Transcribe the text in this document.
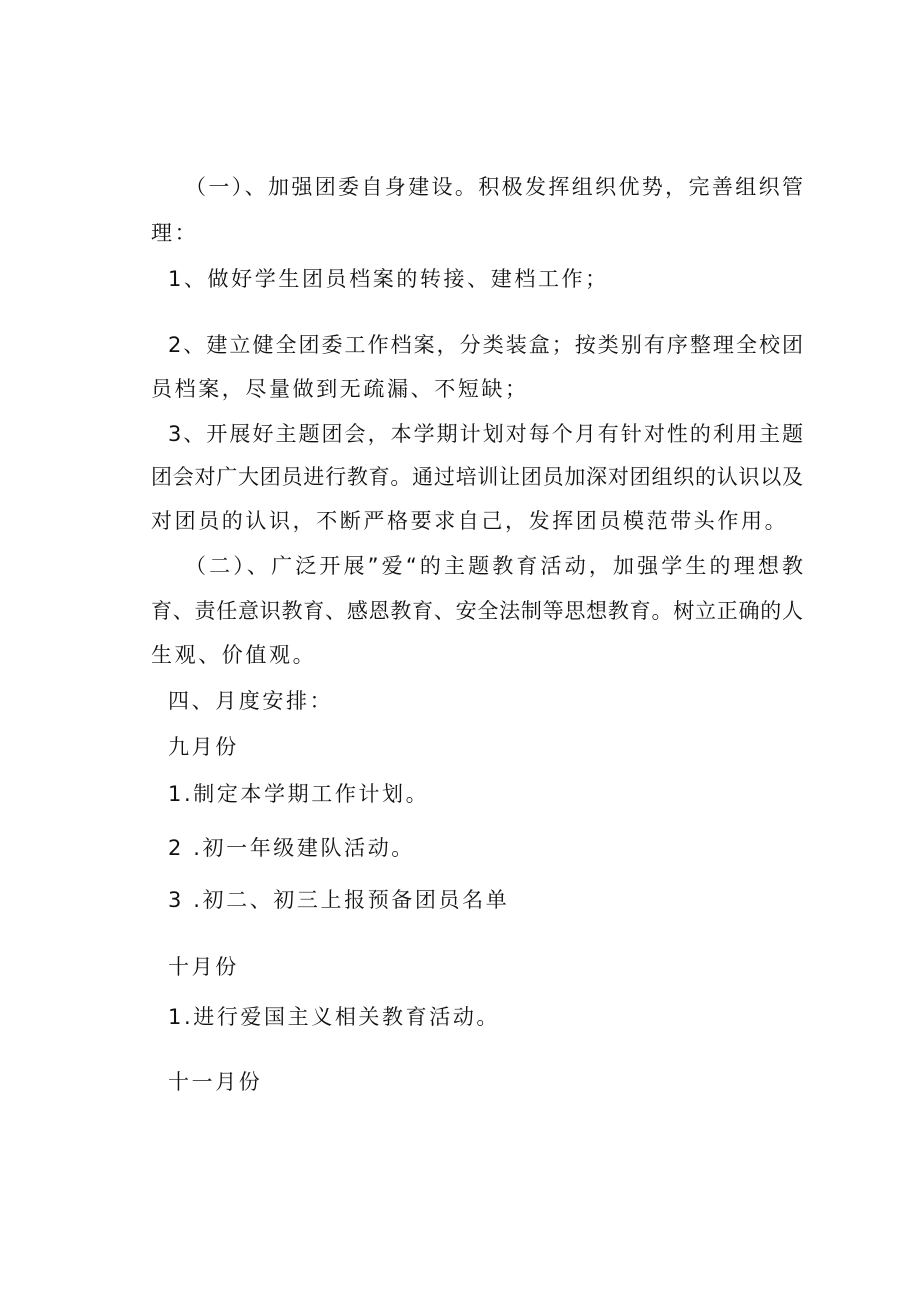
（一）、加强团委自身建设。积极发挥组织优势，完善组织管
理：
1、做好学生团员档案的转接、建档工作；
2、建立健全团委工作档案，分类装盒；按类别有序整理全校团
员档案，尽量做到无疏漏、不短缺；
3、开展好主题团会，本学期计划对每个月有针对性的利用主题
团会对广大团员进行教育。通过培训让团员加深对团组织的认识以及
对团员的认识，不断严格要求自己，发挥团员模范带头作用。
（二）、广泛开展”爱“的主题教育活动，加强学生的理想教
育、责任意识教育、感恩教育、安全法制等思想教育。树立正确的人
生观、价值观。
四、月度安排：
九月份
1.制定本学期工作计划。
2 .初一年级建队活动。
3 .初二、初三上报预备团员名单
十月份
1.进行爱国主义相关教育活动。
十一月份
